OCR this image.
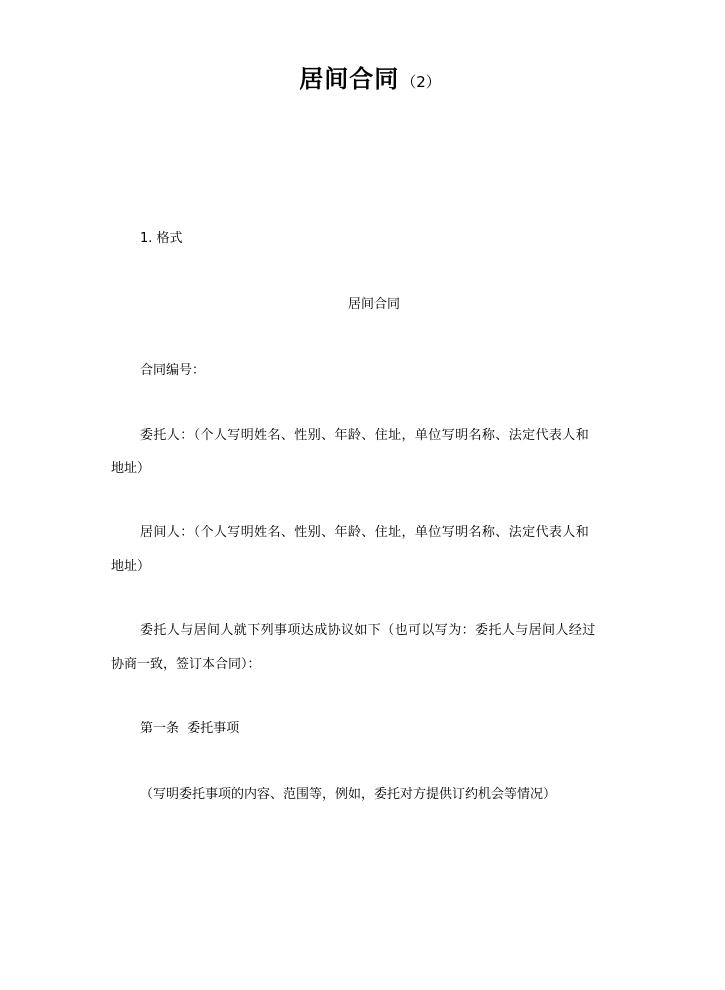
居间合同 （2）
1. 格式
居间合同
合同编号：
委托人：（个人写明姓名、性别、年龄、住址，单位写明名称、法定代表人和
地址）
居间人：（个人写明姓名、性别、年龄、住址，单位写明名称、法定代表人和
地址）
委托人与居间人就下列事项达成协议如下（也可以写为：委托人与居间人经过
协商一致，签订本合同）：
第一条  委托事项
（写明委托事项的内容、范围等，例如，委托对方提供订约机会等情况）
